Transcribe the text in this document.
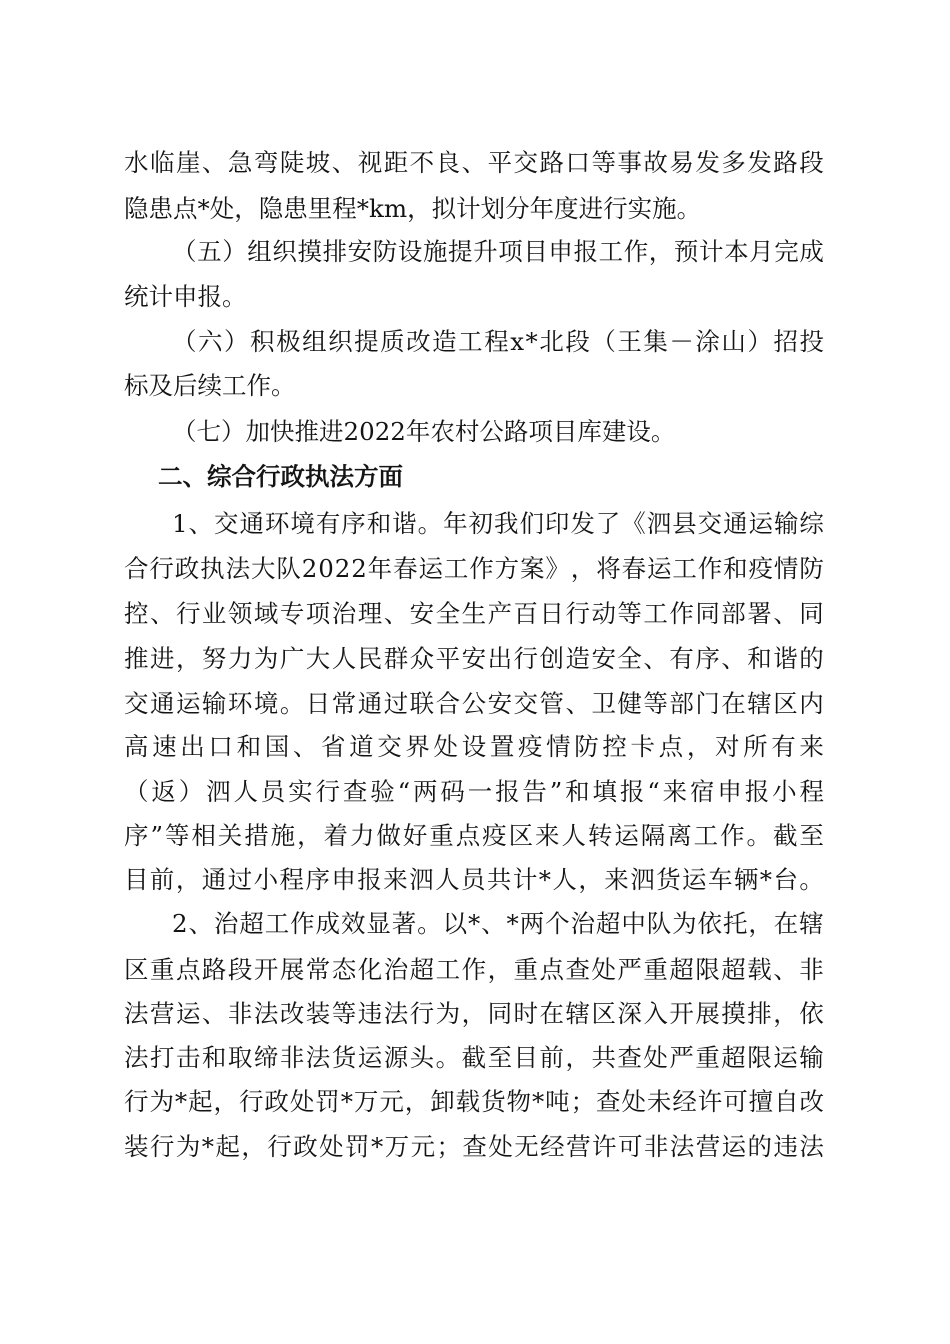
水 临 崖 、 急 弯 陡 坡 、 视 距 不 良 、 平 交 路 口 等 事 故 易 发 多 发 路 段
隐 患 点 * 处 ， 隐 患 里 程 * k m ， 拟 计 划 分 年 度 进 行 实 施 。
（ 五 ） 组 织 摸 排 安 防 设 施 提 升 项 目 申 报 工 作 ， 预 计 本 月 完 成
统 计 申 报 。
（ 六 ） 积 极 组 织 提 质 改 造 工 程 x * 北 段 （ 王 集 － 涂 山 ） 招 投
标 及 后 续 工 作 。
（ 七 ） 加 快 推 进 2 0 2 2 年 农 村 公 路 项 目 库 建 设 。
二、综合行政执法方面
1 、 交 通 环 境 有 序 和 谐 。 年 初 我 们 印 发 了 《 泗 县 交 通 运 输 综
合 行 政 执 法 大 队 2 0 2 2 年 春 运 工 作 方 案 》 ， 将 春 运 工 作 和 疫 情 防
控 、 行 业 领 域 专 项 治 理 、 安 全 生 产 百 日 行 动 等 工 作 同 部 署 、 同
推 进 ， 努 力 为 广 大 人 民 群 众 平 安 出 行 创 造 安 全 、 有 序 、 和 谐 的
交 通 运 输 环 境 。 日 常 通 过 联 合 公 安 交 管 、 卫 健 等 部 门 在 辖 区 内
高 速 出 口 和 国 、 省 道 交 界 处 设 置 疫 情 防 控 卡 点 ， 对 所 有 来
（ 返 ） 泗 人 员 实 行 查 验 “ 两 码 一 报 告 ” 和 填 报 “ 来 宿 申 报 小 程
序 ” 等 相 关 措 施 ， 着 力 做 好 重 点 疫 区 来 人 转 运 隔 离 工 作 。 截 至
目 前 ， 通 过 小 程 序 申 报 来 泗 人 员 共 计 * 人 ， 来 泗 货 运 车 辆 * 台 。
2 、 治 超 工 作 成 效 显 著 。 以 * 、 * 两 个 治 超 中 队 为 依 托 ， 在 辖
区 重 点 路 段 开 展 常 态 化 治 超 工 作 ， 重 点 查 处 严 重 超 限 超 载 、 非
法 营 运 、 非 法 改 装 等 违 法 行 为 ， 同 时 在 辖 区 深 入 开 展 摸 排 ， 依
法 打 击 和 取 缔 非 法 货 运 源 头 。 截 至 目 前 ， 共 查 处 严 重 超 限 运 输
行 为 * 起 ， 行 政 处 罚 * 万 元 ， 卸 载 货 物 * 吨 ； 查 处 未 经 许 可 擅 自 改
装 行 为 * 起 ， 行 政 处 罚 * 万 元 ； 查 处 无 经 营 许 可 非 法 营 运 的 违 法
